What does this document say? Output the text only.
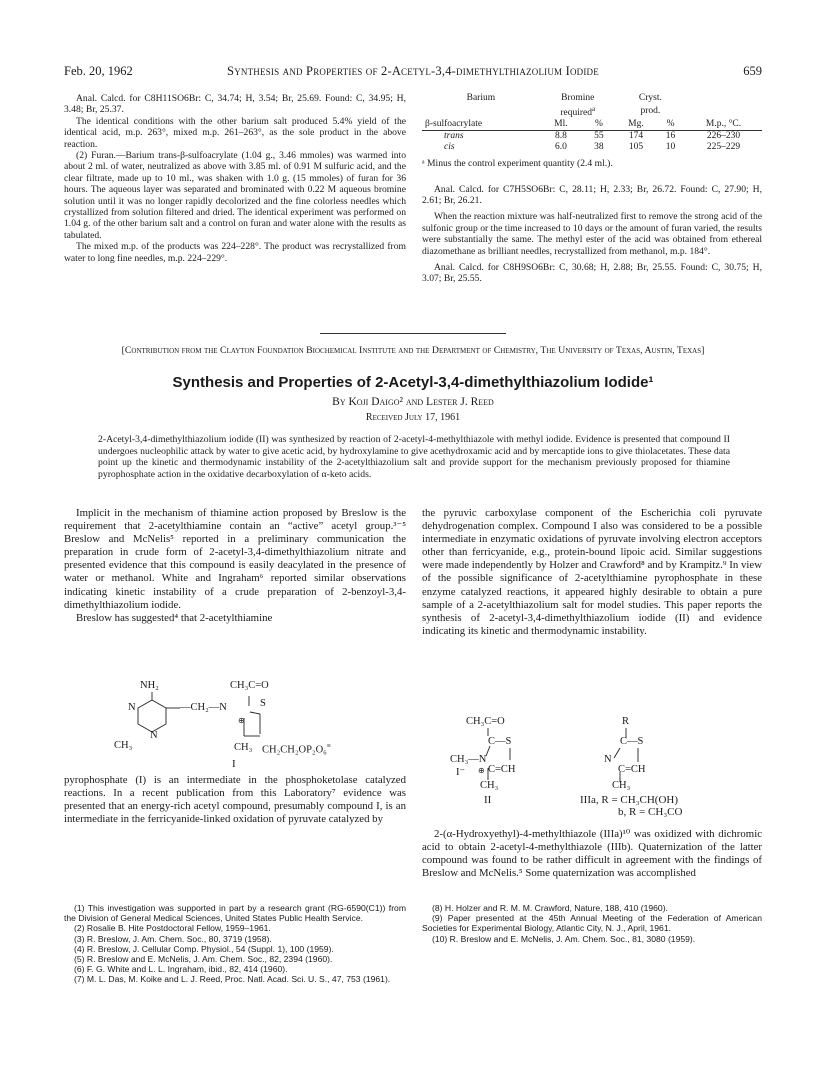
Feb. 20, 1962	Synthesis and Properties of 2-Acetyl-3,4-dimethylthiazolium Iodide	659

Anal. Calcd. for C8H11SO6Br: C, 34.74; H, 3.54; Br, 25.69. Found: C, 34.95; H, 3.48; Br, 25.37.

The identical conditions with the other barium salt produced 5.4% yield of the identical acid, m.p. 263°, mixed m.p. 261–263°, as the sole product in the above reaction.

(2) Furan.—Barium trans-β-sulfoacrylate (1.04 g., 3.46 mmoles) was warmed into about 2 ml. of water, neutralized as above with 3.85 ml. of 0.91 M sulfuric acid, and the clear filtrate, made up to 10 ml., was shaken with 1.0 g. (15 mmoles) of furan for 36 hours. The aqueous layer was separated and brominated with 0.22 M aqueous bromine solution until it was no longer rapidly decolorized and the fine colorless needles which crystallized from solution filtered and dried. The identical experiment was performed on 1.04 g. of the other barium salt and a control on furan and water alone with the results as tabulated.

The mixed m.p. of the products was 224–228°. The product was recrystallized from water to long fine needles, m.p. 224–229°.

Barium	Bromine		Cryst.		
	required$^a$		prod.		
β-sulfoacrylate	Ml.	%	Mg.	%	M.p., °C.
trans	8.8	55	174	16	226–230
cis	6.0	38	105	10	225–229
ᵃ Minus the control experiment quantity (2.4 ml.).

Anal. Calcd. for C7H5SO6Br: C, 28.11; H, 2.33; Br, 26.72. Found: C, 27.90; H, 2.61; Br, 26.21.

When the reaction mixture was half-neutralized first to remove the strong acid of the sulfonic group or the time increased to 10 days or the amount of furan varied, the results were substantially the same. The methyl ester of the acid was obtained from ethereal diazomethane as brilliant needles, recrystallized from methanol, m.p. 184°.

Anal. Calcd. for C8H9SO6Br: C, 30.68; H, 2.88; Br, 25.55. Found: C, 30.75; H, 3.07; Br, 25.55.

[Contribution from the Clayton Foundation Biochemical Institute and the Department of Chemistry, The University of Texas, Austin, Texas]
Synthesis and Properties of 2-Acetyl-3,4-dimethylthiazolium Iodide¹
By Koji Daigo² and Lester J. Reed
Received July 17, 1961
2-Acetyl-3,4-dimethylthiazolium iodide (II) was synthesized by reaction of 2-acetyl-4-methylthiazole with methyl iodide. Evidence is presented that compound II undergoes nucleophilic attack by water to give acetic acid, by hydroxylamine to give acethydroxamic acid and by mercaptide ions to give thiolacetates. These data point up the kinetic and thermodynamic instability of the 2-acetylthiazolium salt and provide support for the mechanism previously proposed for thiamine pyrophosphate action in the oxidative decarboxylation of α-keto acids.

Implicit in the mechanism of thiamine action proposed by Breslow is the requirement that 2-acetylthiamine contain an “active” acetyl group.³⁻⁵ Breslow and McNelis⁵ reported in a preliminary communication the preparation in crude form of 2-acetyl-3,4-dimethylthiazolium nitrate and presented evidence that this compound is easily deacylated in the presence of water or methanol. White and Ingraham⁶ reported similar observations indicating kinetic instability of a crude preparation of 2-benzoyl-3,4-dimethylthiazolium iodide.

Breslow has suggested⁴ that 2-acetylthiamine

NH₂	CH₃C=O
S
—CH₂—N
⊕
N
N
CH₃	CH₃ CH₂CH₂OP₂O₆≡
I

pyrophosphate (I) is an intermediate in the phosphoketolase catalyzed reactions. In a recent publication from this Laboratory⁷ evidence was presented that an energy-rich acetyl compound, presumably compound I, is an intermediate in the ferricyanide-linked oxidation of pyruvate catalyzed by

the pyruvic carboxylase component of the Escherichia coli pyruvate dehydrogenation complex. Compound I also was considered to be a possible intermediate in enzymatic oxidations of pyruvate involving electron acceptors other than ferricyanide, e.g., protein-bound lipoic acid. Similar suggestions were made independently by Holzer and Crawford⁸ and by Krampitz.⁹ In view of the possible significance of 2-acetylthiamine pyrophosphate in these enzyme catalyzed reactions, it appeared highly desirable to obtain a pure sample of a 2-acetylthiazolium salt for model studies. This paper reports the synthesis of 2-acetyl-3,4-dimethylthiazolium iodide (II) and evidence indicating its kinetic and thermodynamic instability.

CH₃C=O
C—S
CH₃—N
I⁻ ⊕ C=CH
CH₃
II
R
C—S
N
C=CH
CH₃
IIIa, R = CH₃CH(OH)
b, R = CH₃CO

2-(α-Hydroxyethyl)-4-methylthiazole (IIIa)¹⁰ was oxidized with dichromic acid to obtain 2-acetyl-4-methylthiazole (IIIb). Quaternization of the latter compound was found to be rather difficult in agreement with the findings of Breslow and McNelis.⁵ Some quaternization was accomplished

(1) This investigation was supported in part by a research grant (RG-6590(C1)) from the Division of General Medical Sciences, United States Public Health Service.

(2) Rosalie B. Hite Postdoctoral Fellow, 1959–1961.

(3) R. Breslow, J. Am. Chem. Soc., 80, 3719 (1958).

(4) R. Breslow, J. Cellular Comp. Physiol., 54 (Suppl. 1), 100 (1959).

(5) R. Breslow and E. McNelis, J. Am. Chem. Soc., 82, 2394 (1960).

(6) F. G. White and L. L. Ingraham, ibid., 82, 414 (1960).

(7) M. L. Das, M. Koike and L. J. Reed, Proc. Natl. Acad. Sci. U. S., 47, 753 (1961).

(8) H. Holzer and R. M. M. Crawford, Nature, 188, 410 (1960).

(9) Paper presented at the 45th Annual Meeting of the Federation of American Societies for Experimental Biology, Atlantic City, N. J., April, 1961.

(10) R. Breslow and E. McNelis, J. Am. Chem. Soc., 81, 3080 (1959).
